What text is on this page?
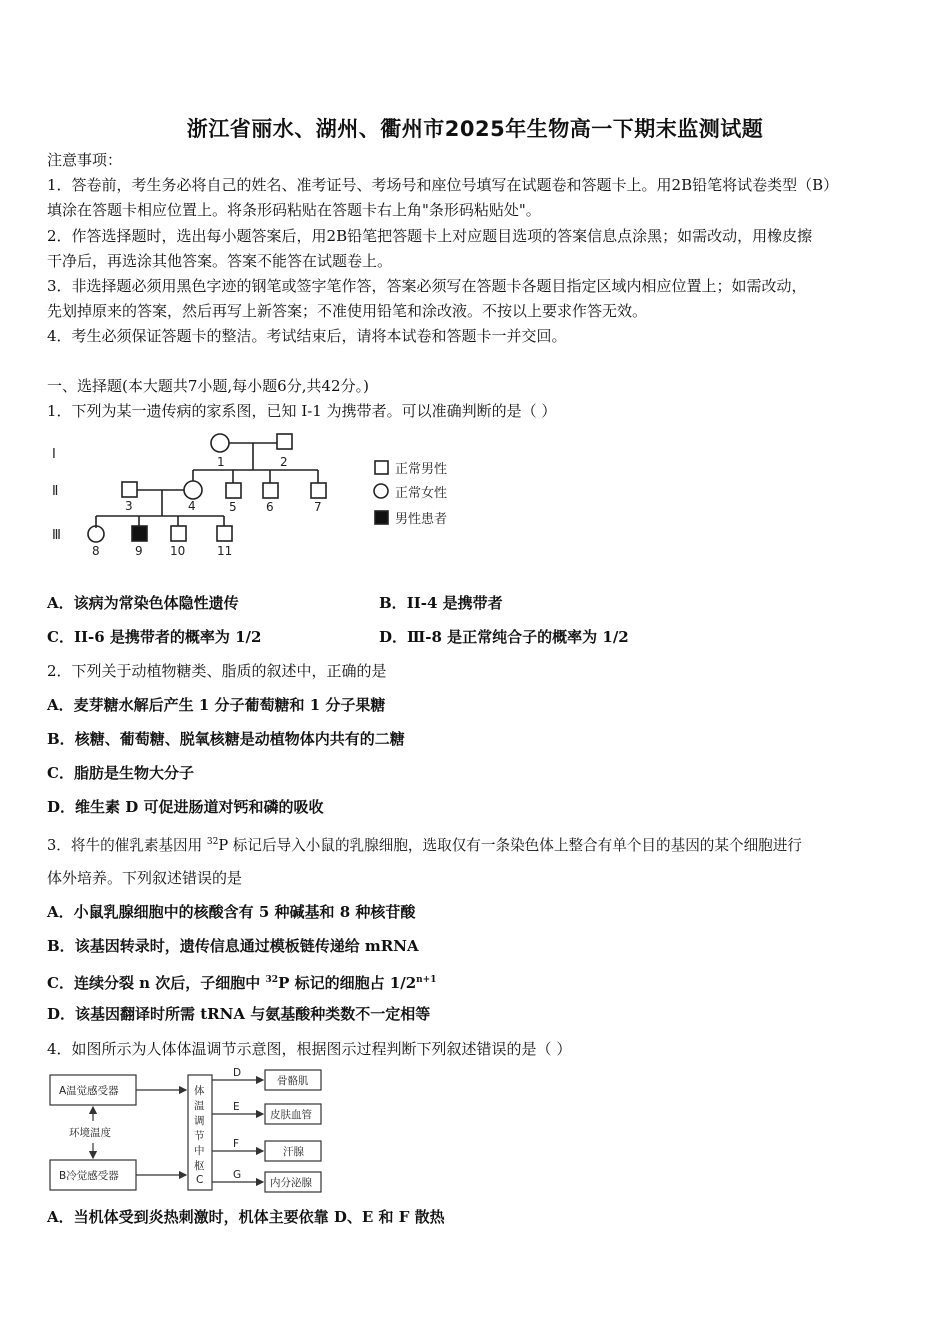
浙江省丽水、湖州、衢州市2025年生物高一下期末监测试题
注意事项：
1．答卷前，考生务必将自己的姓名、准考证号、考场号和座位号填写在试题卷和答题卡上。用2B铅笔将试卷类型（B）
填涂在答题卡相应位置上。将条形码粘贴在答题卡右上角"条形码粘贴处"。
2．作答选择题时，选出每小题答案后，用2B铅笔把答题卡上对应题目选项的答案信息点涂黑；如需改动，用橡皮擦
干净后，再选涂其他答案。答案不能答在试题卷上。
3．非选择题必须用黑色字迹的钢笔或签字笔作答，答案必须写在答题卡各题目指定区域内相应位置上；如需改动，
先划掉原来的答案，然后再写上新答案；不准使用铅笔和涂改液。不按以上要求作答无效。
4．考生必须保证答题卡的整洁。考试结束后，请将本试卷和答题卡一并交回。
一、选择题(本大题共7小题,每小题6分,共42分。)
1．下列为某一遗传病的家系图，已知 I-1 为携带者。可以准确判断的是（ ）
Ⅰ
Ⅱ
Ⅲ
1	2
3	4	5 6	7
8	9 10	11
正常男性
正常女性
男性患者
A．该病为常染色体隐性遗传	B．II-4 是携带者
C．II-6 是携带者的概率为 1/2	D．Ⅲ-8 是正常纯合子的概率为 1/2
2．下列关于动植物糖类、脂质的叙述中，正确的是
A．麦芽糖水解后产生 1 分子葡萄糖和 1 分子果糖
B．核糖、葡萄糖、脱氧核糖是动植物体内共有的二糖
C．脂肪是生物大分子
D．维生素 D 可促进肠道对钙和磷的吸收
3．将牛的催乳素基因用 $^{32}$P 标记后导入小鼠的乳腺细胞，选取仅有一条染色体上整合有单个目的基因的某个细胞进行
体外培养。下列叙述错误的是
A．小鼠乳腺细胞中的核酸含有 5 种碱基和 8 种核苷酸
B．该基因转录时，遗传信息通过模板链传递给 mRNA
C．连续分裂 n 次后，子细胞中 $^{32}$P 标记的细胞占 $1/2^{n+1}$
D．该基因翻译时所需 tRNA 与氨基酸种类数不一定相等
4．如图所示为人体体温调节示意图，根据图示过程判断下列叙述错误的是（ ）
A温觉感受器
B冷觉感受器
环境温度
体
温
调
节
中
枢
C
D
E
F
G
骨骼肌
皮肤血管
汗腺
内分泌腺
A．当机体受到炎热刺激时，机体主要依靠 D、E 和 F 散热
